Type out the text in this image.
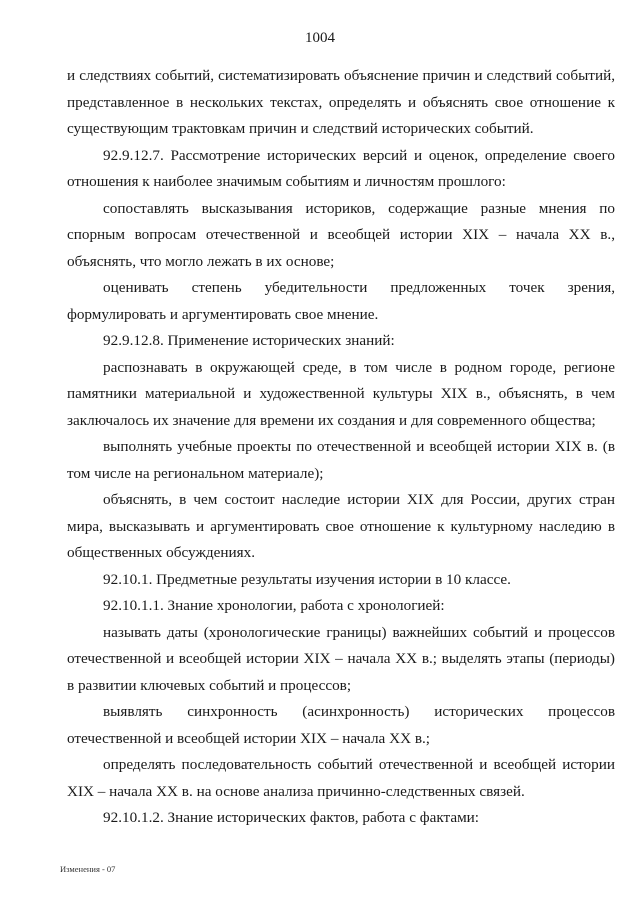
1004

и следствиях событий, систематизировать объяснение причин и следствий событий, представленное в нескольких текстах, определять и объяснять свое отношение к существующим трактовкам причин и следствий исторических событий.

92.9.12.7. Рассмотрение исторических версий и оценок, определение своего отношения к наиболее значимым событиям и личностям прошлого:

сопоставлять высказывания историков, содержащие разные мнения по спорным вопросам отечественной и всеобщей истории XIX – начала XX в., объяснять, что могло лежать в их основе;

оценивать степень убедительности предложенных точек зрения, формулировать и аргументировать свое мнение.

92.9.12.8. Применение исторических знаний:

распознавать в окружающей среде, в том числе в родном городе, регионе памятники материальной и художественной культуры XIX в., объяснять, в чем заключалось их значение для времени их создания и для современного общества;

выполнять учебные проекты по отечественной и всеобщей истории XIX в. (в том числе на региональном материале);

объяснять, в чем состоит наследие истории XIX для России, других стран мира, высказывать и аргументировать свое отношение к культурному наследию в общественных обсуждениях.

92.10.1. Предметные результаты изучения истории в 10 классе.

92.10.1.1. Знание хронологии, работа с хронологией:

называть даты (хронологические границы) важнейших событий и процессов отечественной и всеобщей истории XIX – начала XX в.; выделять этапы (периоды) в развитии ключевых событий и процессов;

выявлять синхронность (асинхронность) исторических процессов отечественной и всеобщей истории XIX – начала XX в.;

определять последовательность событий отечественной и всеобщей истории XIX – начала XX в. на основе анализа причинно-следственных связей.

92.10.1.2. Знание исторических фактов, работа с фактами:

Изменения - 07
